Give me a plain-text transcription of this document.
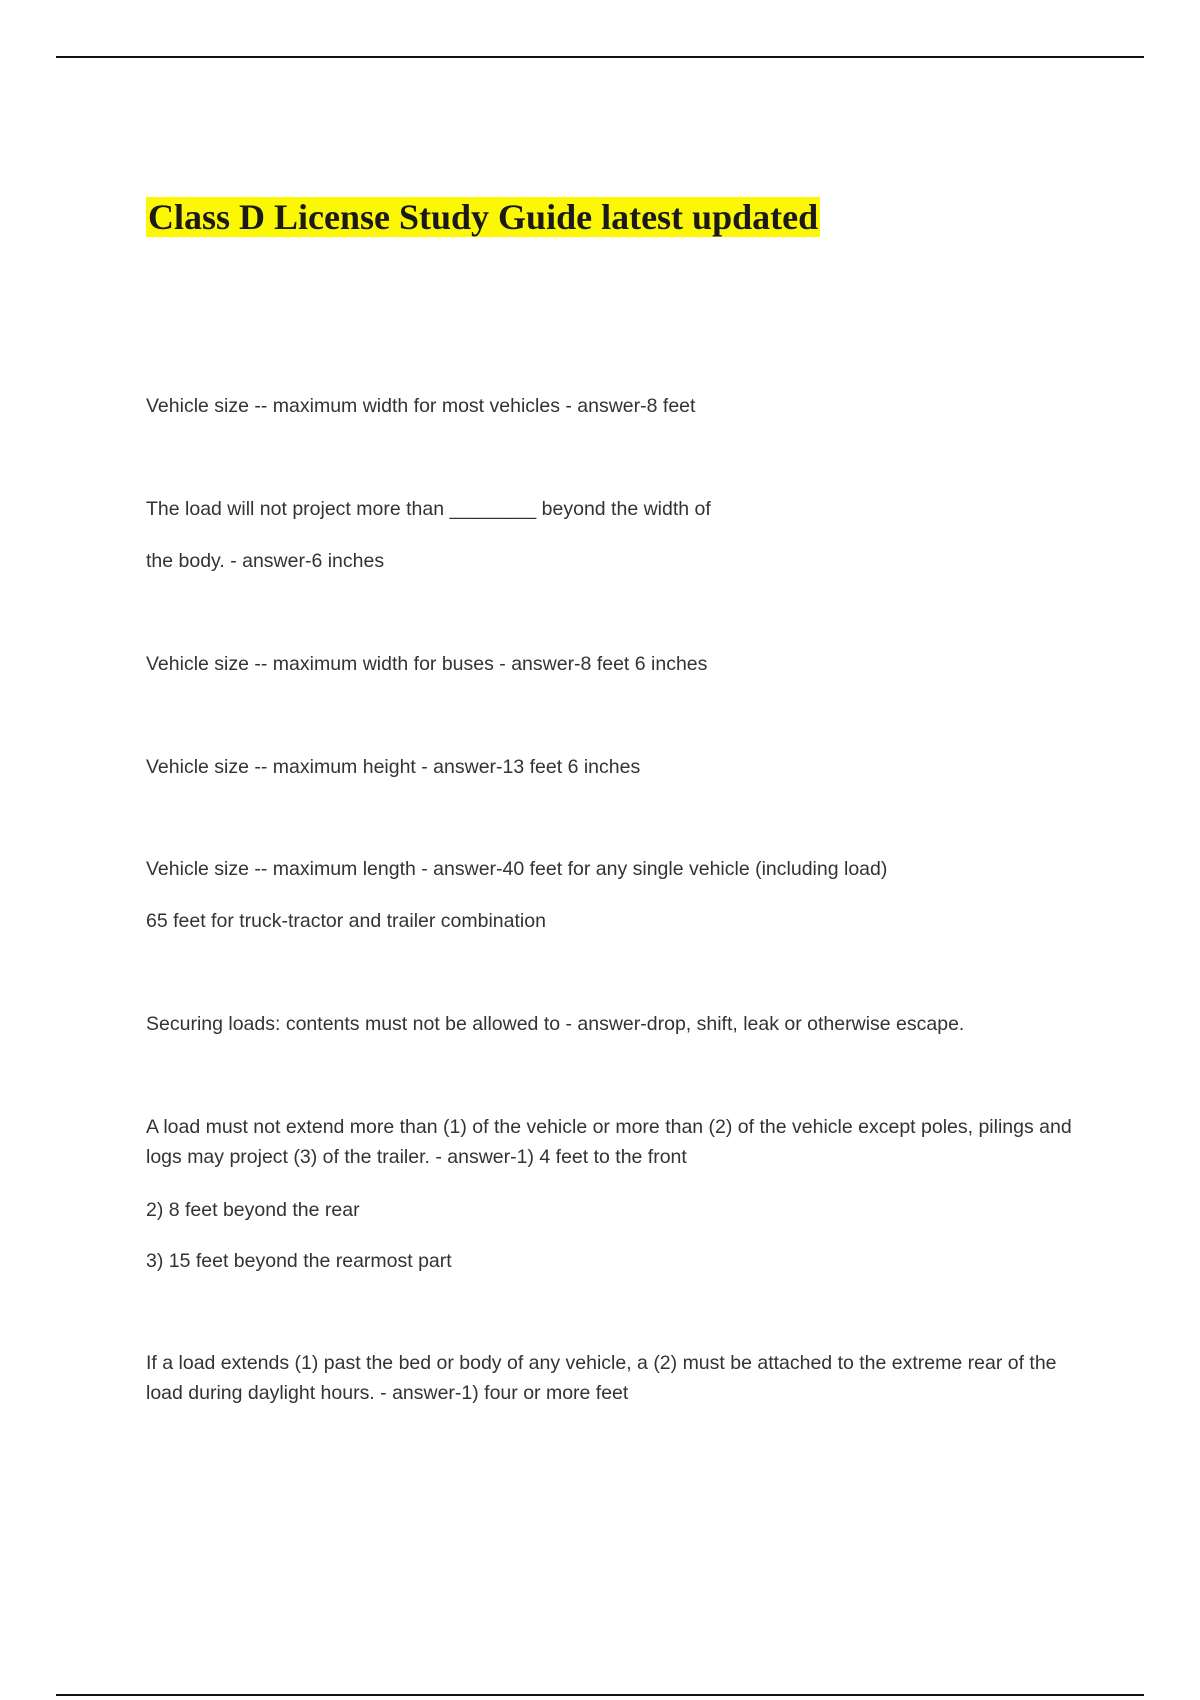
Class D License Study Guide latest updated

Vehicle size -- maximum width for most vehicles - answer-8 feet

The load will not project more than ________ beyond the width of

the body. - answer-6 inches

Vehicle size -- maximum width for buses - answer-8 feet 6 inches

Vehicle size -- maximum height - answer-13 feet 6 inches

Vehicle size -- maximum length - answer-40 feet for any single vehicle (including load)

65 feet for truck-tractor and trailer combination

Securing loads: contents must not be allowed to - answer-drop, shift, leak or otherwise escape.

A load must not extend more than (1) of the vehicle or more than (2) of the vehicle except poles, pilings and logs may project (3) of the trailer. - answer-1) 4 feet to the front

2) 8 feet beyond the rear

3) 15 feet beyond the rearmost part

If a load extends (1) past the bed or body of any vehicle, a (2) must be attached to the extreme rear of the load during daylight hours. - answer-1) four or more feet
